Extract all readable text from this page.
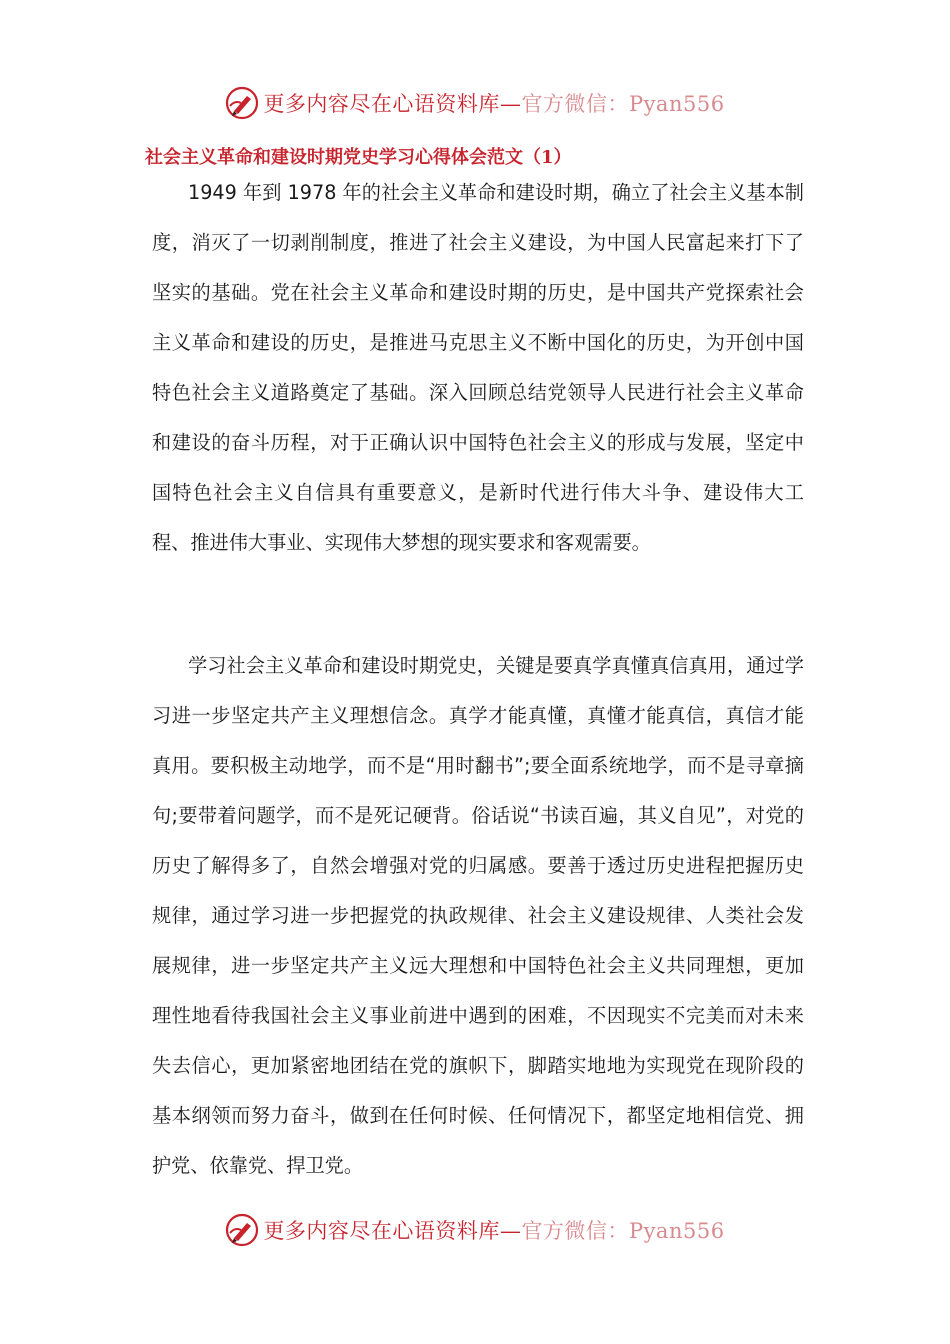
更多内容尽在心语资料库—官方微信：Pyan556
社会主义革命和建设时期党史学习心得体会范文（1）

1949 年到 1978 年的社会主义革命和建设时期，确立了社会主义基本制度，消灭了一切剥削制度，推进了社会主义建设，为中国人民富起来打下了坚实的基础。党在社会主义革命和建设时期的历史，是中国共产党探索社会主义革命和建设的历史，是推进马克思主义不断中国化的历史，为开创中国特色社会主义道路奠定了基础。深入回顾总结党领导人民进行社会主义革命和建设的奋斗历程，对于正确认识中国特色社会主义的形成与发展，坚定中国特色社会主义自信具有重要意义，是新时代进行伟大斗争、建设伟大工程、推进伟大事业、实现伟大梦想的现实要求和客观需要。

学习社会主义革命和建设时期党史，关键是要真学真懂真信真用，通过学习进一步坚定共产主义理想信念。真学才能真懂，真懂才能真信，真信才能真用。要积极主动地学，而不是“用时翻书”;要全面系统地学，而不是寻章摘句;要带着问题学，而不是死记硬背。俗话说“书读百遍，其义自见”，对党的历史了解得多了，自然会增强对党的归属感。要善于透过历史进程把握历史规律，通过学习进一步把握党的执政规律、社会主义建设规律、人类社会发展规律，进一步坚定共产主义远大理想和中国特色社会主义共同理想，更加理性地看待我国社会主义事业前进中遇到的困难，不因现实不完美而对未来失去信心，更加紧密地团结在党的旗帜下，脚踏实地地为实现党在现阶段的基本纲领而努力奋斗，做到在任何时候、任何情况下，都坚定地相信党、拥护党、依靠党、捍卫党。

更多内容尽在心语资料库—官方微信：Pyan556
